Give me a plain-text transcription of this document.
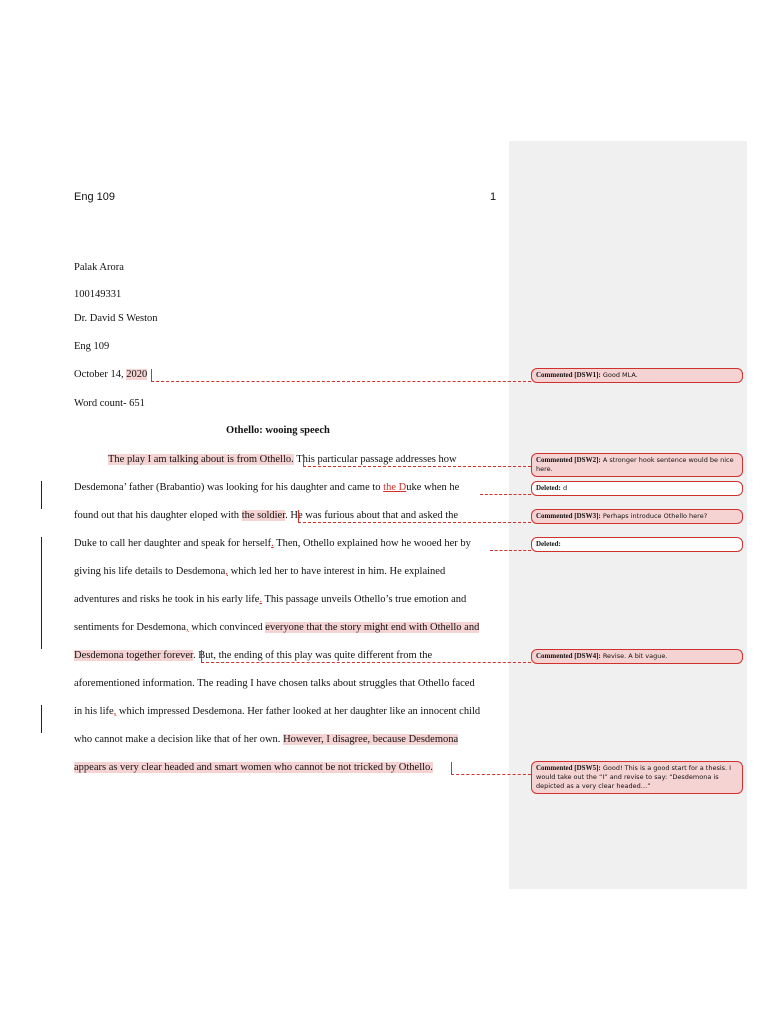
Eng 109	1
Palak Arora
100149331
Dr. David S Weston
Eng 109
October 14, 2020
Word count- 651
Othello: wooing speech
The play I am talking about is from Othello. This particular passage addresses how
Desdemona’ father (Brabantio) was looking for his daughter and came to the Duke when he
found out that his daughter eloped with the soldier. He was furious about that and asked the
Duke to call her daughter and speak for herself. Then, Othello explained how he wooed her by
giving his life details to Desdemona, which led her to have interest in him. He explained
adventures and risks he took in his early life. This passage unveils Othello’s true emotion and
sentiments for Desdemona, which convinced everyone that the story might end with Othello and
Desdemona together forever. But, the ending of this play was quite different from the
aforementioned information. The reading I have chosen talks about struggles that Othello faced
in his life, which impressed Desdemona. Her father looked at her daughter like an innocent child
who cannot make a decision like that of her own. However, I disagree, because Desdemona
appears as very clear headed and smart women who cannot be not tricked by Othello.
Commented [DSW1]: Good MLA.
Commented [DSW2]: A stronger hook sentence would be nice here.
Deleted: d
Commented [DSW3]: Perhaps introduce Othello here?
Deleted:
Commented [DSW4]: Revise. A bit vague.
Commented [DSW5]: Good! This is a good start for a thesis. I would take out the “I” and revise to say: “Desdemona is depicted as a very clear headed…”
